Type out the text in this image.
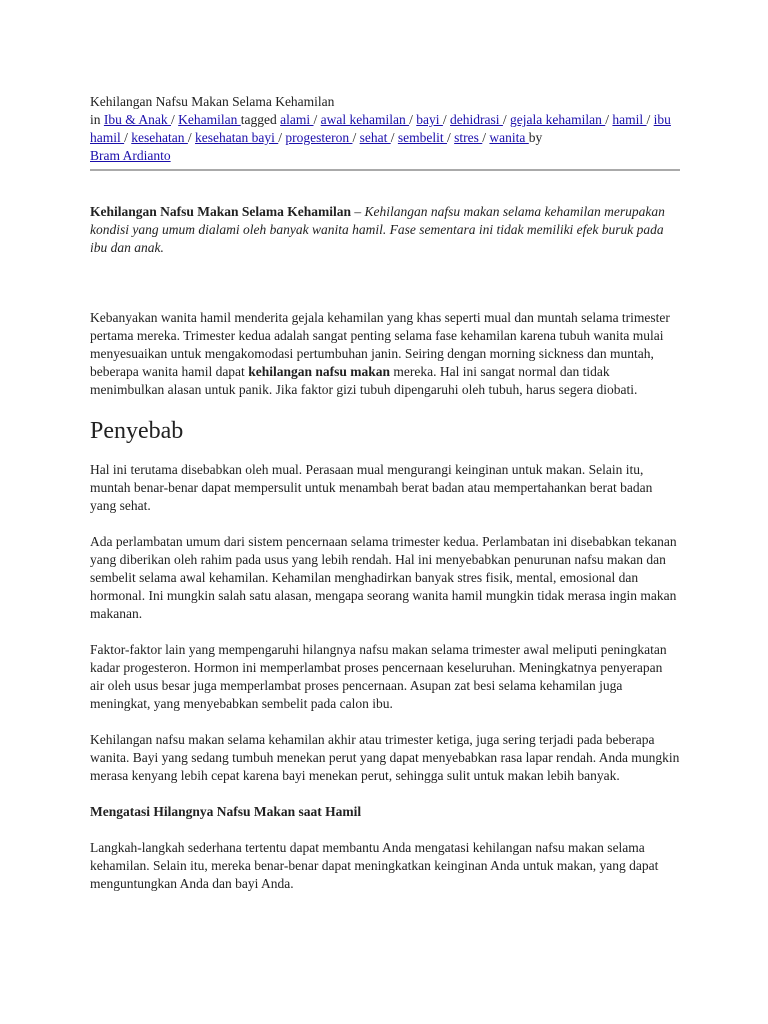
Kehilangan Nafsu Makan Selama Kehamilan
in Ibu & Anak / Kehamilan tagged alami / awal kehamilan / bayi / dehidrasi / gejala kehamilan / hamil / ibu hamil / kesehatan / kesehatan bayi / progesteron / sehat / sembelit / stres / wanita by
Bram Ardianto
Kehilangan Nafsu Makan Selama Kehamilan – Kehilangan nafsu makan selama kehamilan merupakan kondisi yang umum dialami oleh banyak wanita hamil. Fase sementara ini tidak memiliki efek buruk pada ibu dan anak.

Kebanyakan wanita hamil menderita gejala kehamilan yang khas seperti mual dan muntah selama trimester pertama mereka. Trimester kedua adalah sangat penting selama fase kehamilan karena tubuh wanita mulai menyesuaikan untuk mengakomodasi pertumbuhan janin. Seiring dengan morning sickness dan muntah, beberapa wanita hamil dapat kehilangan nafsu makan mereka. Hal ini sangat normal dan tidak menimbulkan alasan untuk panik. Jika faktor gizi tubuh dipengaruhi oleh tubuh, harus segera diobati.

Penyebab

Hal ini terutama disebabkan oleh mual. Perasaan mual mengurangi keinginan untuk makan. Selain itu, muntah benar-benar dapat mempersulit untuk menambah berat badan atau mempertahankan berat badan yang sehat.

Ada perlambatan umum dari sistem pencernaan selama trimester kedua. Perlambatan ini disebabkan tekanan yang diberikan oleh rahim pada usus yang lebih rendah. Hal ini menyebabkan penurunan nafsu makan dan sembelit selama awal kehamilan. Kehamilan menghadirkan banyak stres fisik, mental, emosional dan hormonal. Ini mungkin salah satu alasan, mengapa seorang wanita hamil mungkin tidak merasa ingin makan makanan.

Faktor-faktor lain yang mempengaruhi hilangnya nafsu makan selama trimester awal meliputi peningkatan kadar progesteron. Hormon ini memperlambat proses pencernaan keseluruhan. Meningkatnya penyerapan air oleh usus besar juga memperlambat proses pencernaan. Asupan zat besi selama kehamilan juga meningkat, yang menyebabkan sembelit pada calon ibu.

Kehilangan nafsu makan selama kehamilan akhir atau trimester ketiga, juga sering terjadi pada beberapa wanita. Bayi yang sedang tumbuh menekan perut yang dapat menyebabkan rasa lapar rendah. Anda mungkin merasa kenyang lebih cepat karena bayi menekan perut, sehingga sulit untuk makan lebih banyak.

Mengatasi Hilangnya Nafsu Makan saat Hamil

Langkah-langkah sederhana tertentu dapat membantu Anda mengatasi kehilangan nafsu makan selama kehamilan. Selain itu, mereka benar-benar dapat meningkatkan keinginan Anda untuk makan, yang dapat menguntungkan Anda dan bayi Anda.
